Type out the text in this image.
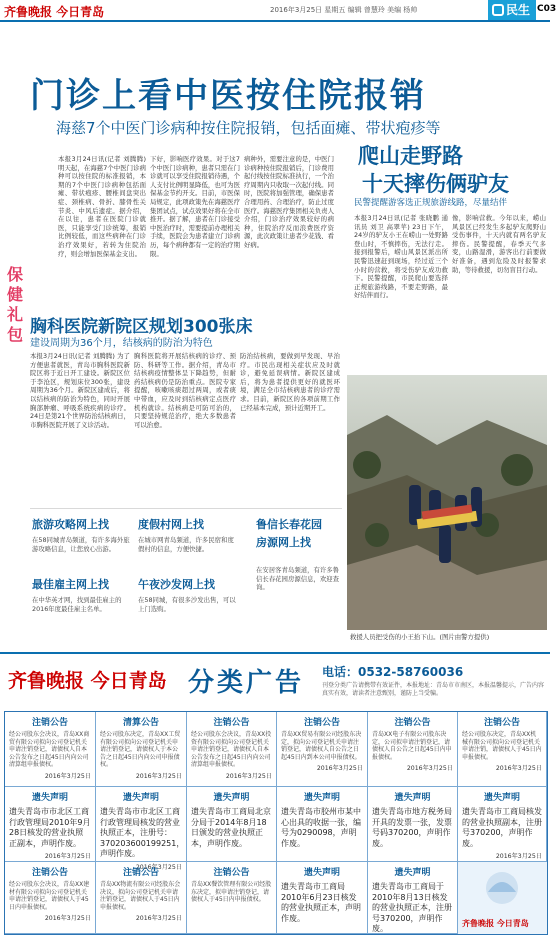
齐鲁晚报 今日青岛	2016年3月25日 星期五 编辑 曾慧玲 美编 杨帅	民生 C03
门诊上看中医按住院报销
海慈7个中医门诊病种按住院报销，包括面瘫、带状疱疹等
本报3月24日讯(记者 刘腾腾) 明天起，在海慈7个中医门诊病种可以按住院的标准报销，本期的7个中医门诊病种包括面瘫、带状疱疹、腰椎间盘突出症、颈椎病、骨折、膝骨性关节炎、中风后遗症。据介绍，在以往，患者在医院门诊就医，只能享受门诊统筹，报销比例较低，而这些病种在门诊治疗效果好，若转为住院治疗，则会增加医保基金支出。
下好，影响医疗效果。对于这7个中医门诊病种，患者只需在门诊就可以享受住院报销待遇，个人支付比例明显降低，也可为医保基金节约开支。目前，市医保局规定，此项政策先在海慈医疗集团试点，试点效果好将在全市推开。据了解，患者在门诊接受中医治疗时，需要提前办理相关手续，医院会为患者建立门诊病历，每个病种都有一定的治疗期限。
病种外，需要注意的是，中医门诊病种按住院报销后，门诊费用起付线按住院标准执行，一个治疗周期内只收取一次起付线。同时，医院将加强管理，确保患者合理用药、合理治疗，防止过度医疗。海慈医疗集团相关负责人介绍，门诊治疗效果较好的病种，住院治疗反而浪费医疗资源，此次政策让患者少花钱、看好病。
保健礼包 胸科医院新院区规划300张床
建设周期为36个月，结核病的防治为特色
本报3月24日讯(记者 刘腾腾) 为了方便患者就医，青岛市胸科医院新院区将于近日开工建设。新院区位于李沧区，规划床位300张，建设周期为36个月。新院区建成后，将以结核病的防治为特色，同时开展胸部肿瘤、呼吸系统疾病的诊疗。24日是第21个世界防治结核病日，市胸科医院开展了义诊活动。
胸科医院将开展结核病的诊疗、预防、科研等工作。据介绍，青岛市结核病疫情整体呈下降趋势，但耐药结核病仍是防治重点。医院专家提醒，咳嗽咳痰超过两周，或者痰中带血，应及时到结核病定点医疗机构就诊。结核病是可防可治的，只要坚持规范治疗，绝大多数患者可以治愈。
防治结核病，要做到早发现、早治疗。市民出现相关症状应及时就诊，避免延误病情。新院区建成后，将为患者提供更好的就医环境，满足全市结核病患者的诊疗需求。目前，新院区的各项前期工作已经基本完成，预计近期开工。
爬山走野路
十天摔伤俩驴友
民警提醒游客选正规旅游线路，尽量结伴
本报3月24日讯(记者 张晓鹏 通讯员 刘卫 高翠苹) 23日下午，24岁的驴友小王在崂山一处野路登山时，不慎摔伤，无法行走。接到报警后，崂山风景区派出所民警迅速赶到现场，经过近三个小时的营救，将受伤驴友成功救下。民警提醒，市民爬山要选择正规旅游线路，不要走野路，最好结伴而行。
像，影响营救。今年以来，崂山风景区已经发生多起驴友爬野山受伤事件，十天内就有两名驴友摔伤。民警提醒，春季天气多变，山路湿滑，游客出行前要做好准备，遇到危险及时报警求助，等待救援，切勿盲目行动。
救援人员把受伤的小王抬下山。(图片由警方提供)
旅游攻略网上找
在58同城青岛频道，有许多海外旅游攻略信息，让您放心出游。
度假村网上找
在城市网青岛频道，许多民宿和度假村的信息，方便快捷。
鲁信长春花园
房源网上找
在安居客青岛频道，有许多鲁信长春花园房源信息，欢迎查询。
最佳雇主网上找
在中华英才网，找到最佳雇主的2016年度最佳雇主名单。
午夜沙发网上找
在58同城，有很多沙发出售，可以上门选购。
齐鲁晚报 今日青岛 分类广告 电话：0532-58760036
刊登分类广告请携带有效证件，本报地址：青岛市市南区，本报温馨提示，广告内容真实有效，请读者注意甄别，谨防上当受骗。
注销公告
经公司股东会决议，青岛XX商贸有限公司拟向公司登记机关申请注销登记，请债权人自本公告发布之日起45日内向公司清算组申报债权。
2016年3月25日
清算公告
经公司股东决定，青岛XX工贸有限公司拟向公司登记机关申请注销登记，请债权人于本公告之日起45日内向公司申报债权。
2016年3月25日
注销公告
经公司股东会决议，青岛XX投资有限公司拟向公司登记机关申请注销登记，请债权人自本公告发布之日起45日内向公司清算组申报债权。
2016年3月25日
注销公告
青岛XX贸易有限公司经股东决定，拟向公司登记机关申请注销登记，请债权人自公告之日起45日内到本公司申报债权。
2016年3月25日
注销公告
青岛XX电子有限公司股东决定，公司拟申请注销登记，请债权人自公告之日起45日内申报债权。
2016年3月25日
注销公告
经公司股东决定，青岛XX机械有限公司拟向公司登记机关申请注销，请债权人于45日内申报债权。
2016年3月25日
遗失声明
遗失青岛市市北区工商行政管理局2010年9月28日核发的营业执照正副本，声明作废。
2016年3月25日
遗失声明
遗失青岛市市北区工商行政管理局核发的营业执照正本，注册号：370203600199251，声明作废。
2016年3月25日
遗失声明
遗失青岛市工商局北京分局于2014年8月18日颁发的营业执照正本，声明作废。
遗失声明
遗失青岛市胶州市某中心出具的收据一张，编号为0290098，声明作废。
遗失声明
遗失青岛市地方税务局开具的发票一张，发票号码370200，声明作废。
遗失声明
遗失青岛市工商局核发的营业执照副本，注册号370200，声明作废。
2016年3月25日
注销公告
经公司股东会决议，青岛XX建材有限公司拟向公司登记机关申请注销登记，请债权人于45日内申报债权。
2016年3月25日
注销公告
青岛XX物流有限公司经股东会决议，拟向公司登记机关申请注销登记，请债权人于45日内申报债权。
2016年3月25日
注销公告
青岛XX餐饮管理有限公司经股东决定，拟申请注销登记，请债权人于45日内申报债权。
遗失声明
遗失青岛市工商局2010年6月23日核发的营业执照正本，声明作废。
遗失声明
遗失青岛市工商局于2010年8月13日核发的营业执照正本，注册号370200，声明作废。
齐鲁晚报 今日青岛
